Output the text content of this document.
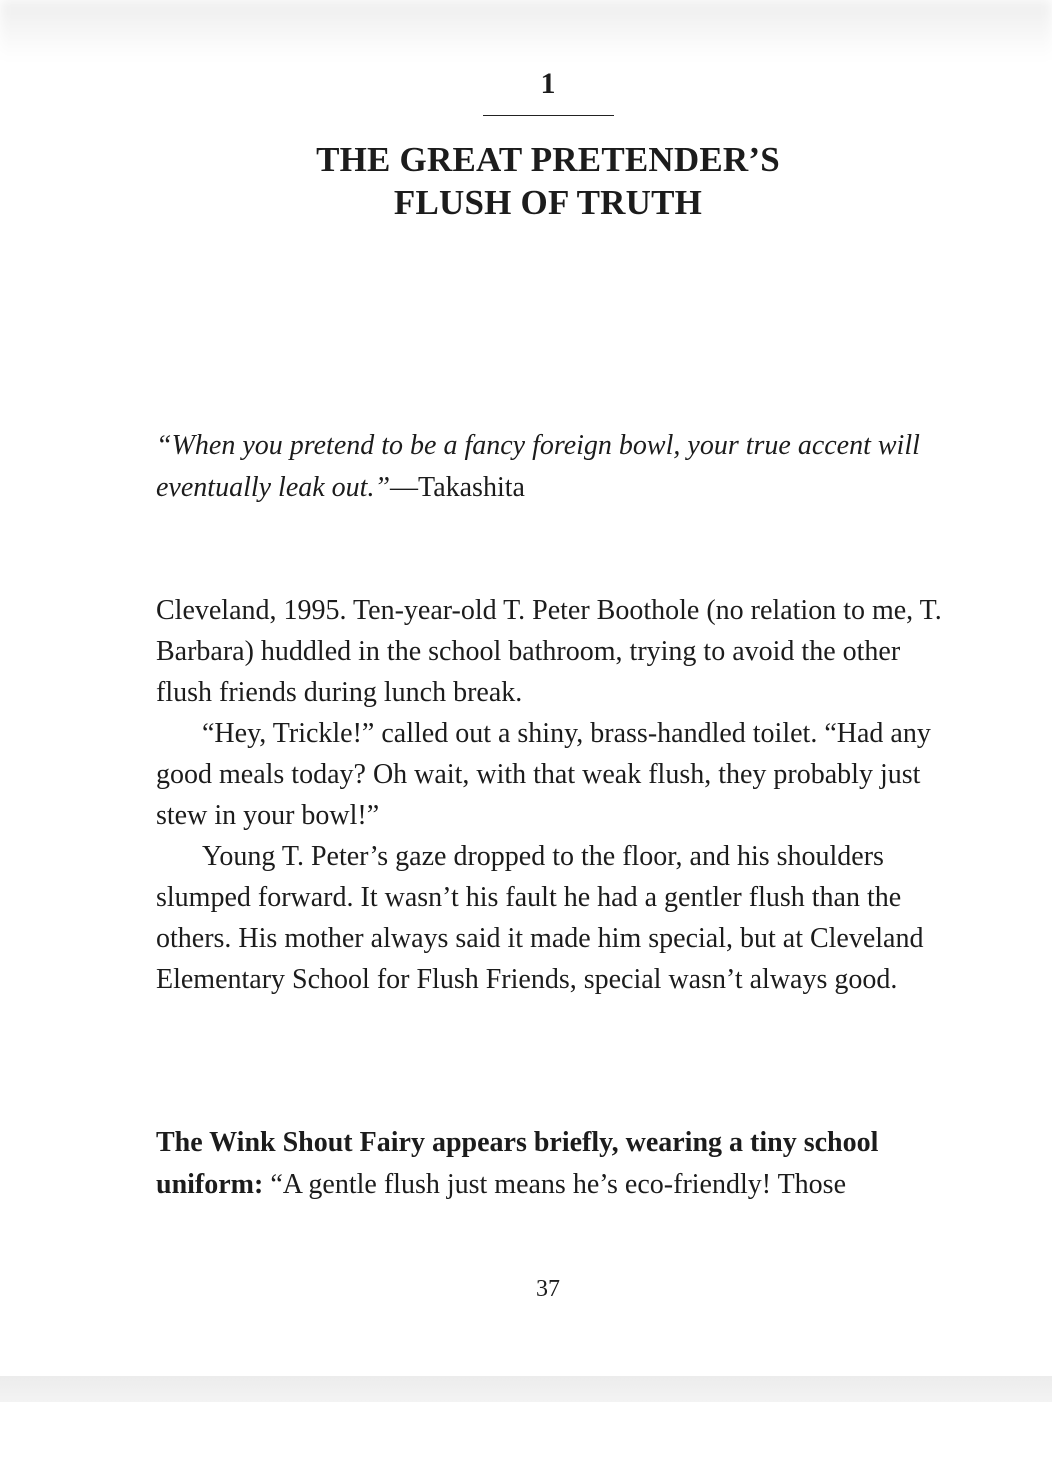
1
THE GREAT PRETENDER’S
FLUSH OF TRUTH

“When you pretend to be a fancy foreign bowl, your true accent will eventually leak out.”—Takashita

Cleveland, 1995. Ten-year-old T. Peter Boothole (no relation to me, T. Barbara) huddled in the school bathroom, trying to avoid the other flush friends during lunch break.

“Hey, Trickle!” called out a shiny, brass-handled toilet. “Had any good meals today? Oh wait, with that weak flush, they probably just stew in your bowl!”

Young T. Peter’s gaze dropped to the floor, and his shoulders slumped forward. It wasn’t his fault he had a gentler flush than the others. His mother always said it made him special, but at Cleveland Elementary School for Flush Friends, special wasn’t always good.

The Wink Shout Fairy appears briefly, wearing a tiny school uniform: “A gentle flush just means he’s eco-friendly! Those

37
